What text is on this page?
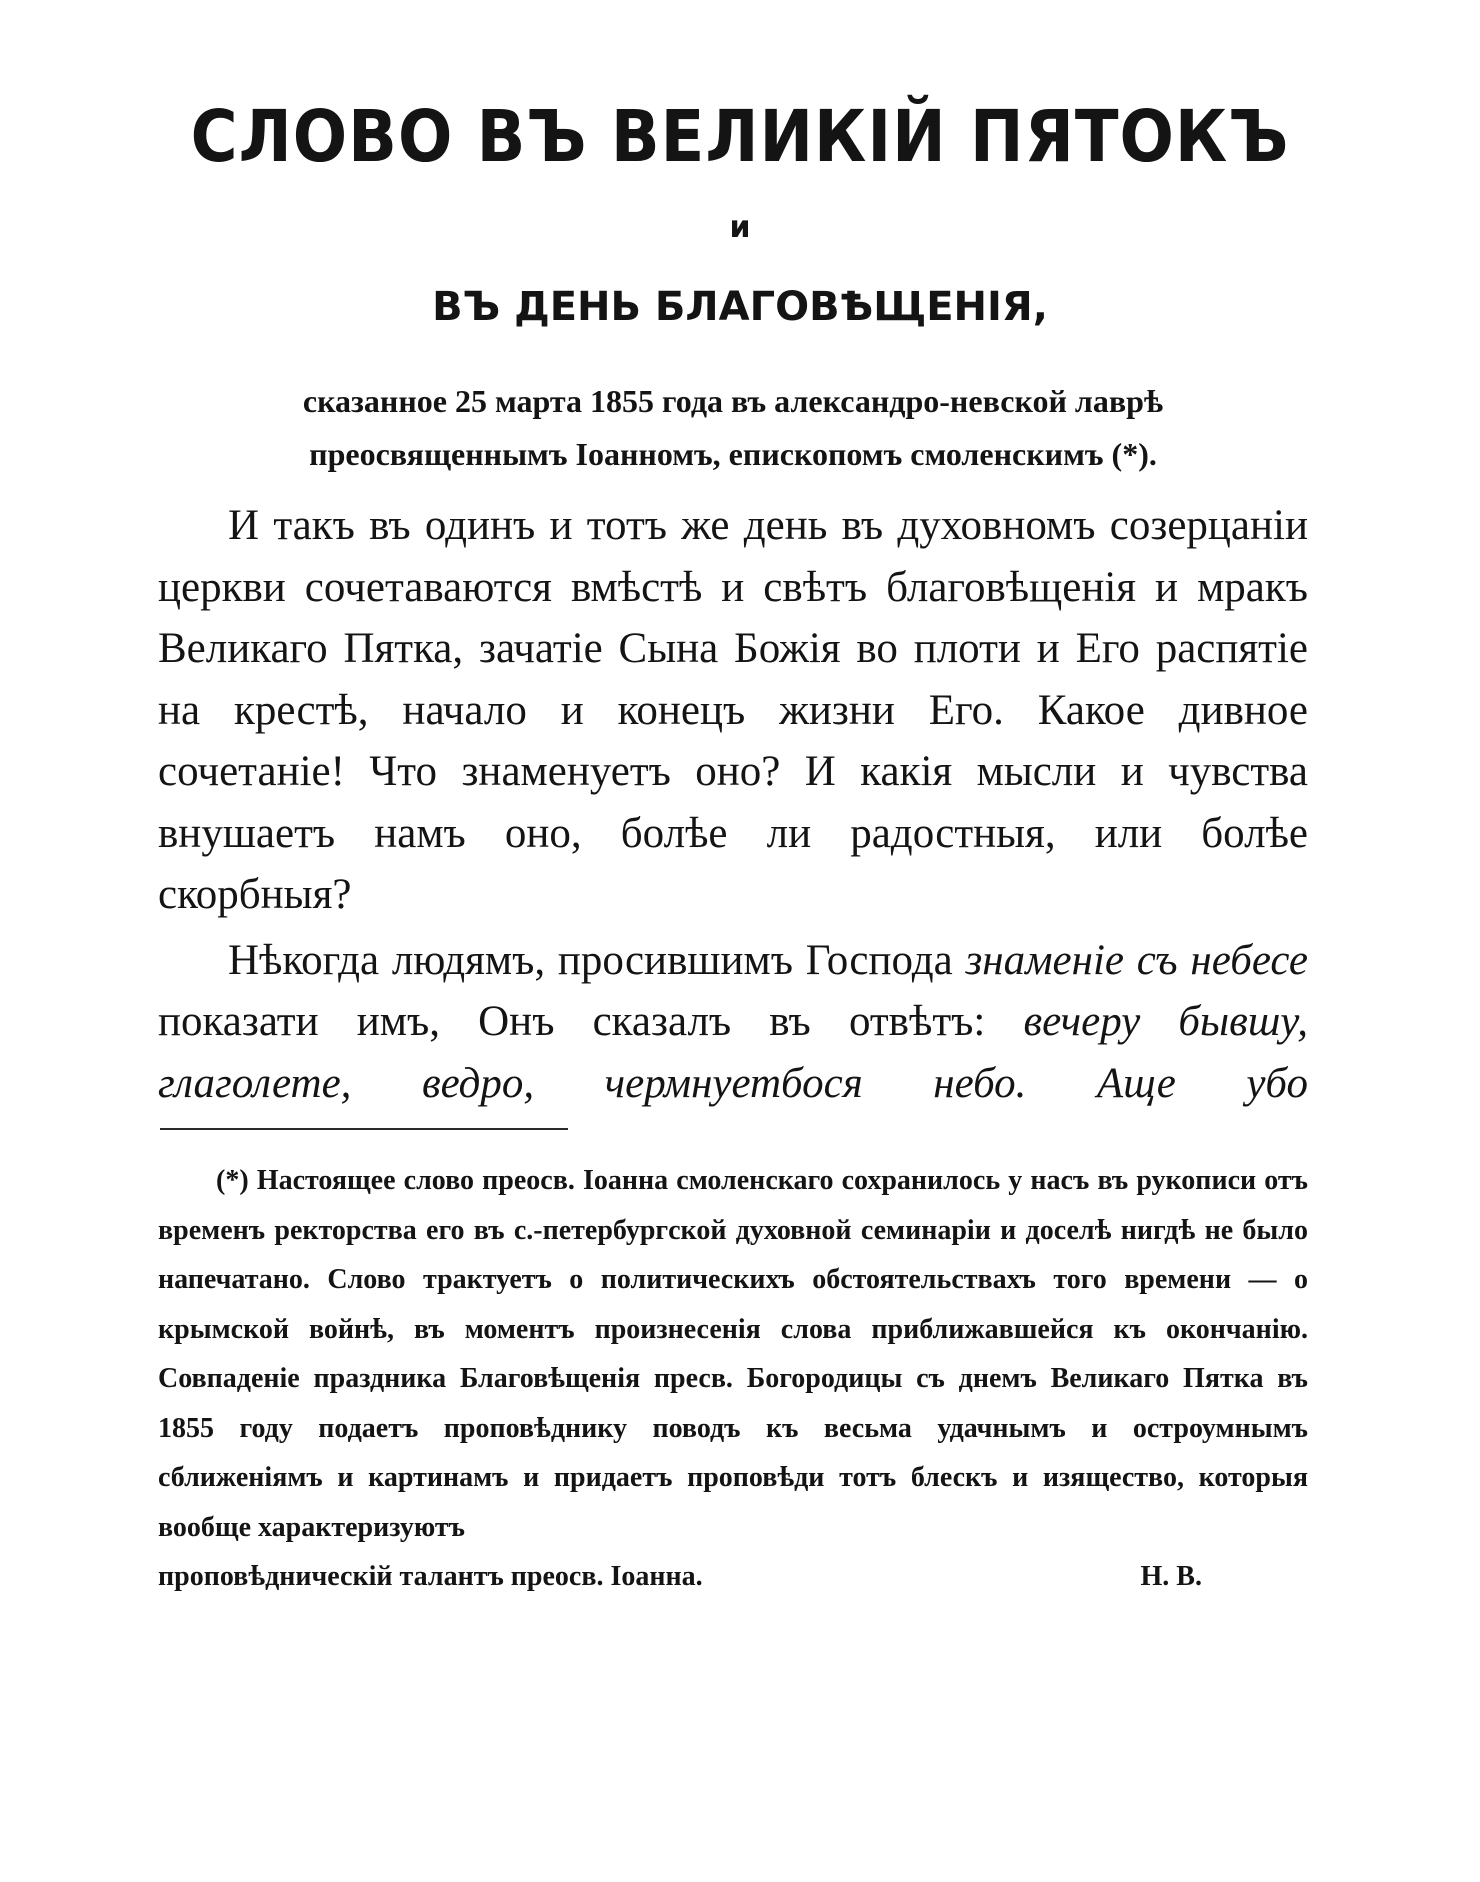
СЛОВО ВЪ ВЕЛИКІЙ ПЯТОКЪ
и
ВЪ ДЕНЬ БЛАГОВѢЩЕНІЯ,
сказанное 25 марта 1855 года въ александро-невской лаврѣ
преосвященнымъ Іоанномъ, епископомъ смоленскимъ (*).

И такъ въ одинъ и тотъ же день въ духовномъ созерцаніи церкви сочетаваются вмѣстѣ и свѣтъ благовѣщенія и мракъ Великаго Пятка, зачатіе Сына Божія во плоти и Его распятіе на крестѣ, начало и конецъ жизни Его. Какое дивное сочетаніе! Что знаменуетъ оно? И какія мысли и чувства внушаетъ намъ оно, болѣе ли радостныя, или болѣе скорбныя?

Нѣкогда людямъ, просившимъ Господа знаменіе съ небесе показати имъ, Онъ сказалъ въ отвѣтъ: вечеру бывшу, глаголете, ведро, чермнуетбося небо. Аще убо

(*) Настоящее слово преосв. Іоанна смоленскаго сохранилось у насъ въ рукописи отъ временъ ректорства его въ с.-петербургской духовной семинаріи и доселѣ нигдѣ не было напечатано. Слово трактуетъ о политическихъ обстоятельствахъ того времени — о крымской войнѣ, въ моментъ произнесенія слова приближавшейся къ окончанію. Совпаденіе праздника Благовѣщенія пресв. Богородицы съ днемъ Великаго Пятка въ 1855 году подаетъ проповѣднику поводъ къ весьма удачнымъ и остроумнымъ сближеніямъ и картинамъ и придаетъ проповѣди тотъ блескъ и изящество, которыя вообще характеризуютъ

проповѣдническій талантъ преосв. Іоанна.	Н. В.
